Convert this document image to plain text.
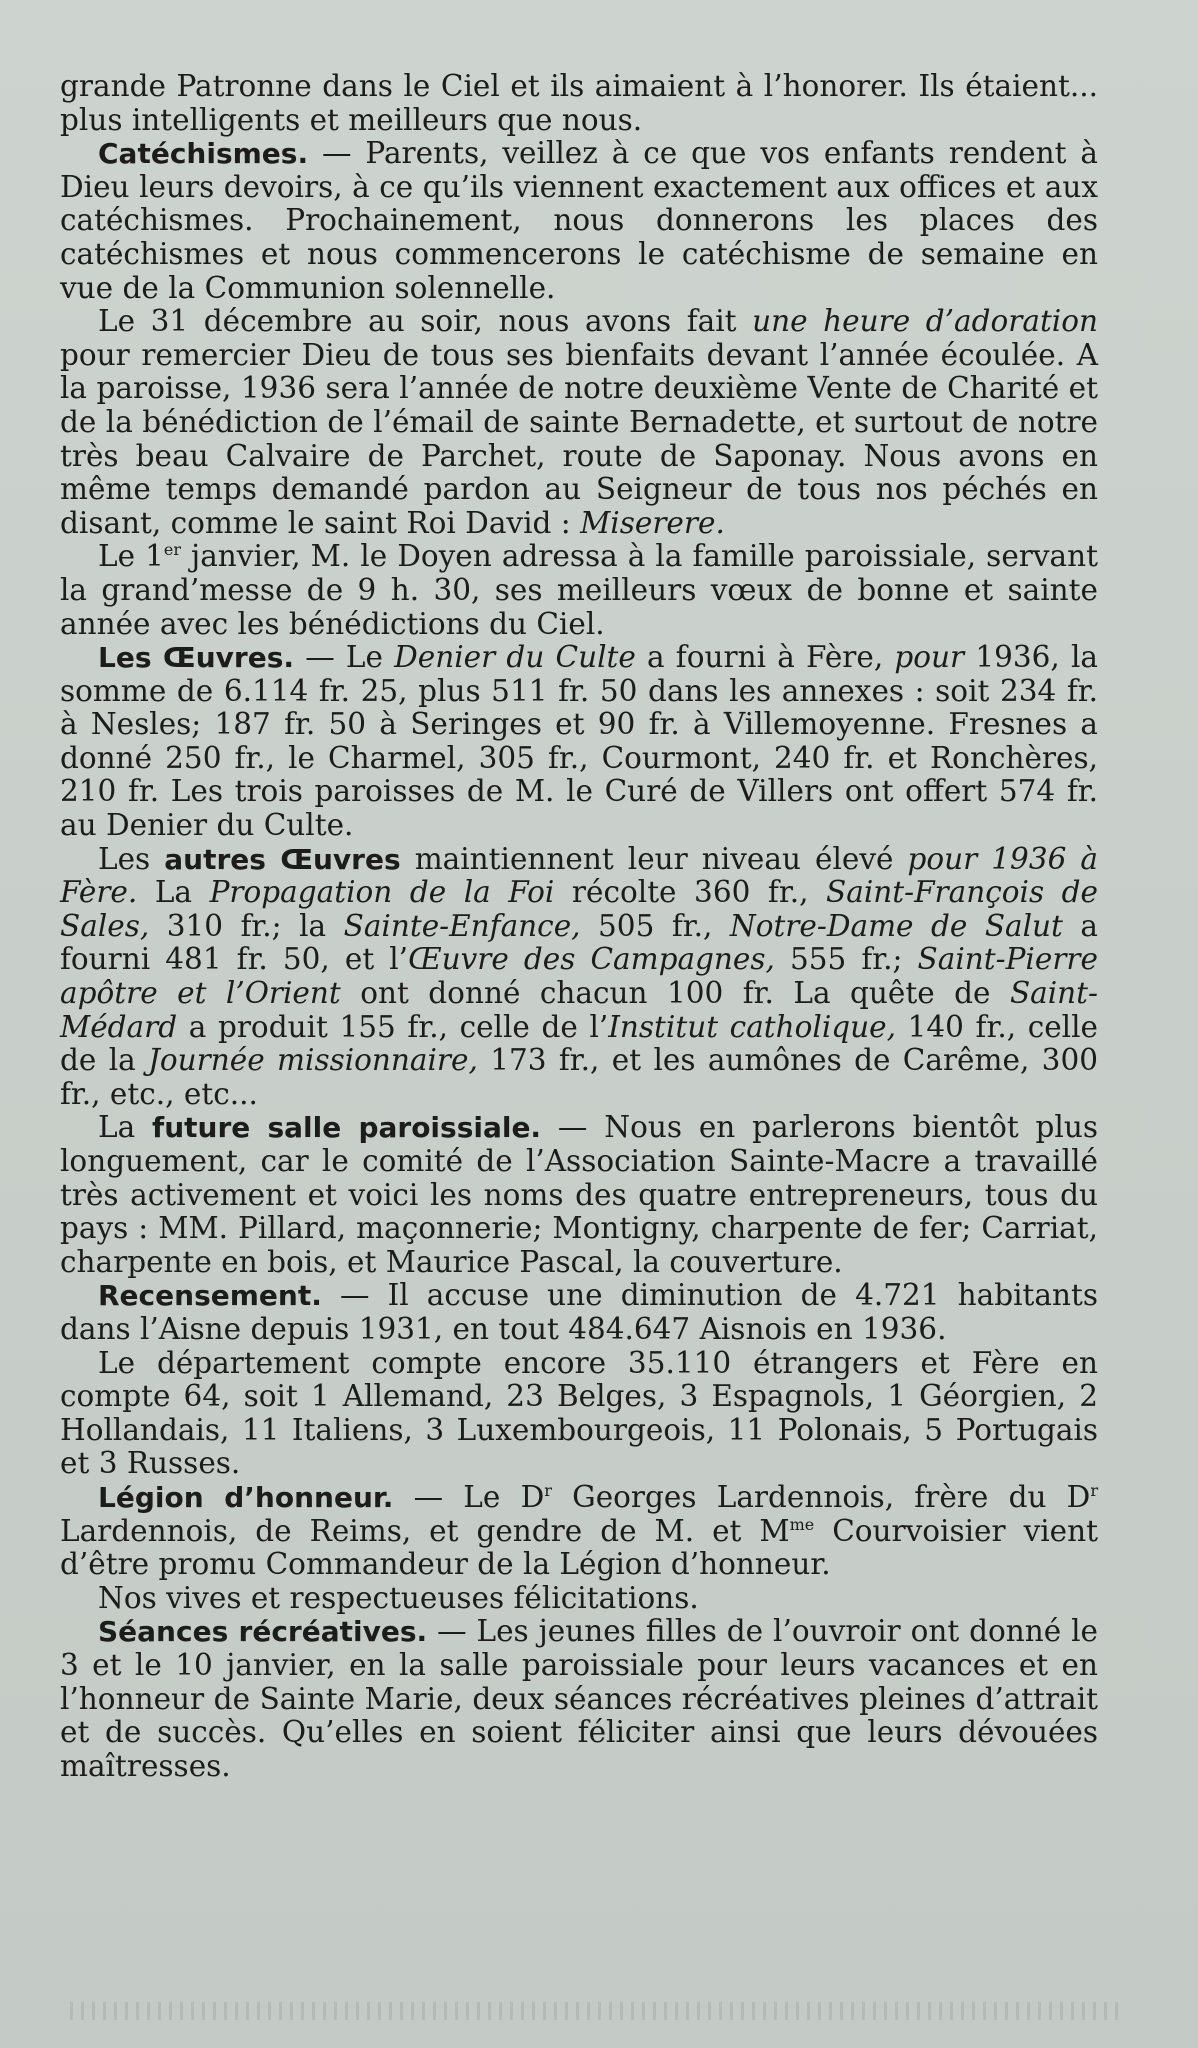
grande Patronne dans le Ciel et ils aimaient à l’honorer. Ils étaient... plus intelligents et meilleurs que nous.

Catéchismes. — Parents, veillez à ce que vos enfants rendent à Dieu leurs devoirs, à ce qu’ils viennent exactement aux offices et aux catéchismes. Prochainement, nous donnerons les places des catéchismes et nous commencerons le catéchisme de semaine en vue de la Communion solennelle.

Le 31 décembre au soir, nous avons fait une heure d’adoration pour remercier Dieu de tous ses bienfaits devant l’année écoulée. A la paroisse, 1936 sera l’année de notre deuxième Vente de Charité et de la bénédiction de l’émail de sainte Bernadette, et surtout de notre très beau Calvaire de Parchet, route de Saponay. Nous avons en même temps demandé pardon au Seigneur de tous nos péchés en disant, comme le saint Roi David : Miserere.

Le 1er janvier, M. le Doyen adressa à la famille paroissiale, servant la grand’messe de 9 h. 30, ses meilleurs vœux de bonne et sainte année avec les bénédictions du Ciel.

Les Œuvres. — Le Denier du Culte a fourni à Fère, pour 1936, la somme de 6.114 fr. 25, plus 511 fr. 50 dans les annexes : soit 234 fr. à Nesles; 187 fr. 50 à Seringes et 90 fr. à Villemoyenne. Fresnes a donné 250 fr., le Charmel, 305 fr., Courmont, 240 fr. et Ronchères, 210 fr. Les trois paroisses de M. le Curé de Villers ont offert 574 fr. au Denier du Culte.

Les autres Œuvres maintiennent leur niveau élevé pour 1936 à Fère. La Propagation de la Foi récolte 360 fr., Saint-François de Sales, 310 fr.; la Sainte-Enfance, 505 fr., Notre-Dame de Salut a fourni 481 fr. 50, et l’Œuvre des Campagnes, 555 fr.; Saint-Pierre apôtre et l’Orient ont donné chacun 100 fr. La quête de Saint-Médard a produit 155 fr., celle de l’Institut catholique, 140 fr., celle de la Journée missionnaire, 173 fr., et les aumônes de Carême, 300 fr., etc., etc...

La future salle paroissiale. — Nous en parlerons bientôt plus longuement, car le comité de l’Association Sainte-Macre a travaillé très activement et voici les noms des quatre entrepreneurs, tous du pays : MM. Pillard, maçonnerie; Montigny, charpente de fer; Carriat, charpente en bois, et Maurice Pascal, la couverture.

Recensement. — Il accuse une diminution de 4.721 habitants dans l’Aisne depuis 1931, en tout 484.647 Aisnois en 1936.

Le département compte encore 35.110 étrangers et Fère en compte 64, soit 1 Allemand, 23 Belges, 3 Espagnols, 1 Géorgien, 2 Hollandais, 11 Italiens, 3 Luxembourgeois, 11 Polonais, 5 Portugais et 3 Russes.

Légion d’honneur. — Le $D^r$ Georges Lardennois, frère du $D^r$ Lardennois, de Reims, et gendre de M. et $M^{me}$ Courvoisier vient d’être promu Commandeur de la Légion d’honneur.

Nos vives et respectueuses félicitations.

Séances récréatives. — Les jeunes filles de l’ouvroir ont donné le 3 et le 10 janvier, en la salle paroissiale pour leurs vacances et en l’honneur de Sainte Marie, deux séances récréatives pleines d’attrait et de succès. Qu’elles en soient féliciter ainsi que leurs dévouées maîtresses.
